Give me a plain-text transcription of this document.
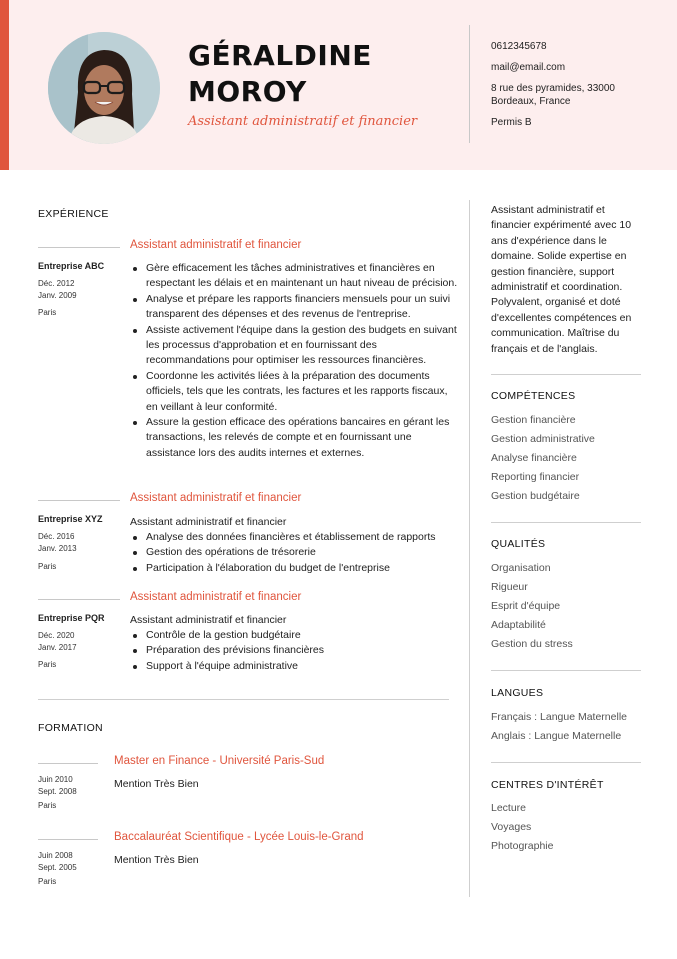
GÉRALDINE
MOROY
Assistant administratif et financier
0612345678
mail@email.com
8 rue des pyramides, 33000
Bordeaux, France
Permis B
EXPÉRIENCE
Assistant administratif et financier
Entreprise ABC
Déc. 2012
Janv. 2009
Paris
Gère efficacement les tâches administratives et financières en respectant les délais et en maintenant un haut niveau de précision.
Analyse et prépare les rapports financiers mensuels pour un suivi transparent des dépenses et des revenus de l'entreprise.
Assiste activement l'équipe dans la gestion des budgets en suivant les processus d'approbation et en fournissant des recommandations pour optimiser les ressources financières.
Coordonne les activités liées à la préparation des documents officiels, tels que les contrats, les factures et les rapports fiscaux, en veillant à leur conformité.
Assure la gestion efficace des opérations bancaires en gérant les transactions, les relevés de compte et en fournissant une assistance lors des audits internes et externes.
Assistant administratif et financier
Entreprise XYZ
Déc. 2016
Janv. 2013
Paris
Assistant administratif et financier
Analyse des données financières et établissement de rapports
Gestion des opérations de trésorerie
Participation à l'élaboration du budget de l'entreprise
Assistant administratif et financier
Entreprise PQR
Déc. 2020
Janv. 2017
Paris
Assistant administratif et financier
Contrôle de la gestion budgétaire
Préparation des prévisions financières
Support à l'équipe administrative
FORMATION
Master en Finance - Université Paris-Sud
Mention Très Bien
Juin 2010
Sept. 2008
Paris
Baccalauréat Scientifique - Lycée Louis-le-Grand
Mention Très Bien
Juin 2008
Sept. 2005
Paris
Assistant administratif et financier expérimenté avec 10 ans d'expérience dans le domaine. Solide expertise en gestion financière, support administratif et coordination. Polyvalent, organisé et doté d'excellentes compétences en communication. Maîtrise du français et de l'anglais.
COMPÉTENCES
Gestion financière
Gestion administrative
Analyse financière
Reporting financier
Gestion budgétaire
QUALITÉS
Organisation
Rigueur
Esprit d'équipe
Adaptabilité
Gestion du stress
LANGUES
Français : Langue Maternelle
Anglais : Langue Maternelle
CENTRES D'INTÉRÊT
Lecture
Voyages
Photographie
